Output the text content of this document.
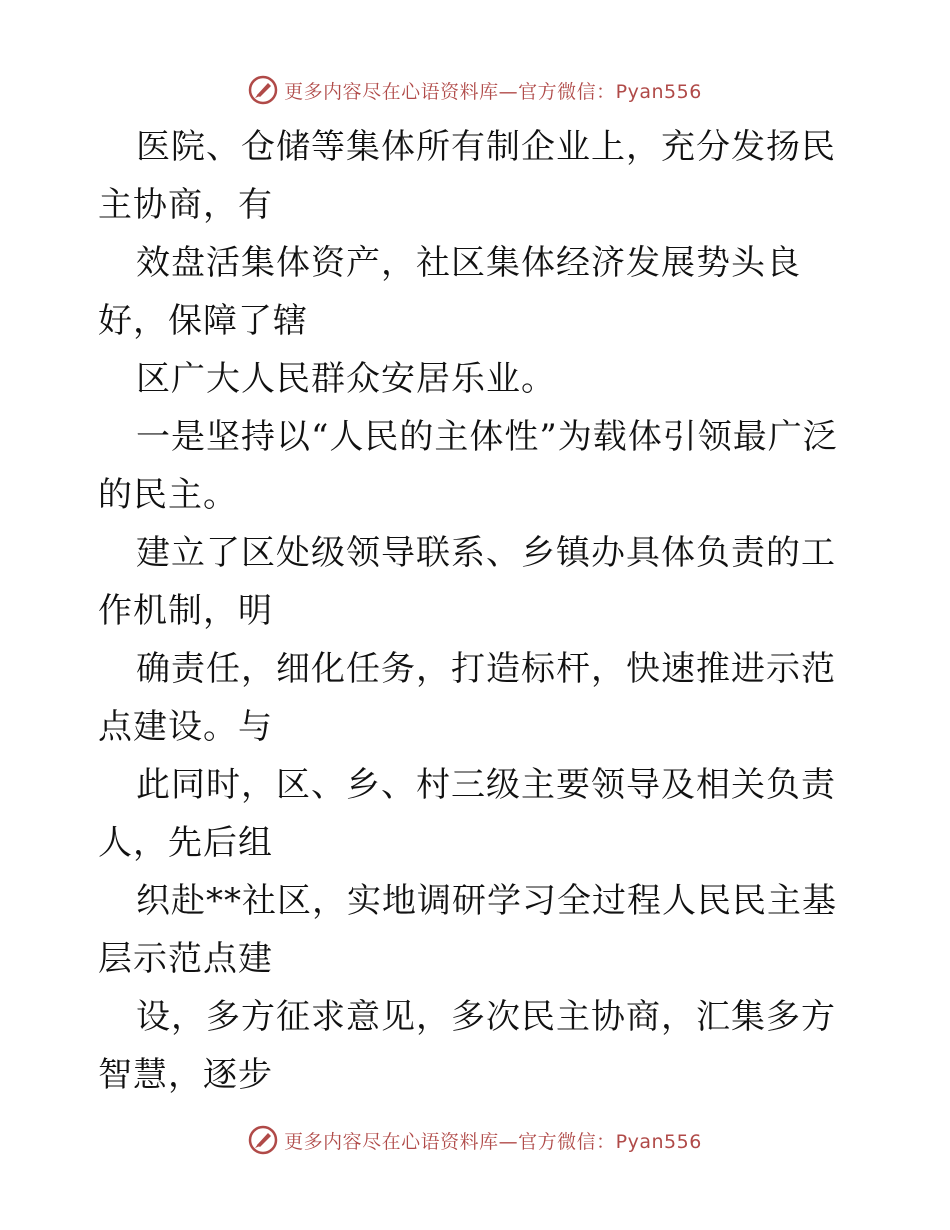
更多内容尽在心语资料库—官方微信：Pyan556

医院、仓储等集体所有制企业上，充分发扬民主协商，有

效盘活集体资产，社区集体经济发展势头良好，保障了辖

区广大人民群众安居乐业。

一是坚持以“人民的主体性”为载体引领最广泛的民主。

建立了区处级领导联系、乡镇办具体负责的工作机制，明

确责任，细化任务，打造标杆，快速推进示范点建设。与

此同时，区、乡、村三级主要领导及相关负责人，先后组

织赴**社区，实地调研学习全过程人民民主基层示范点建

设，多方征求意见，多次民主协商，汇集多方智慧，逐步

更多内容尽在心语资料库—官方微信：Pyan556
